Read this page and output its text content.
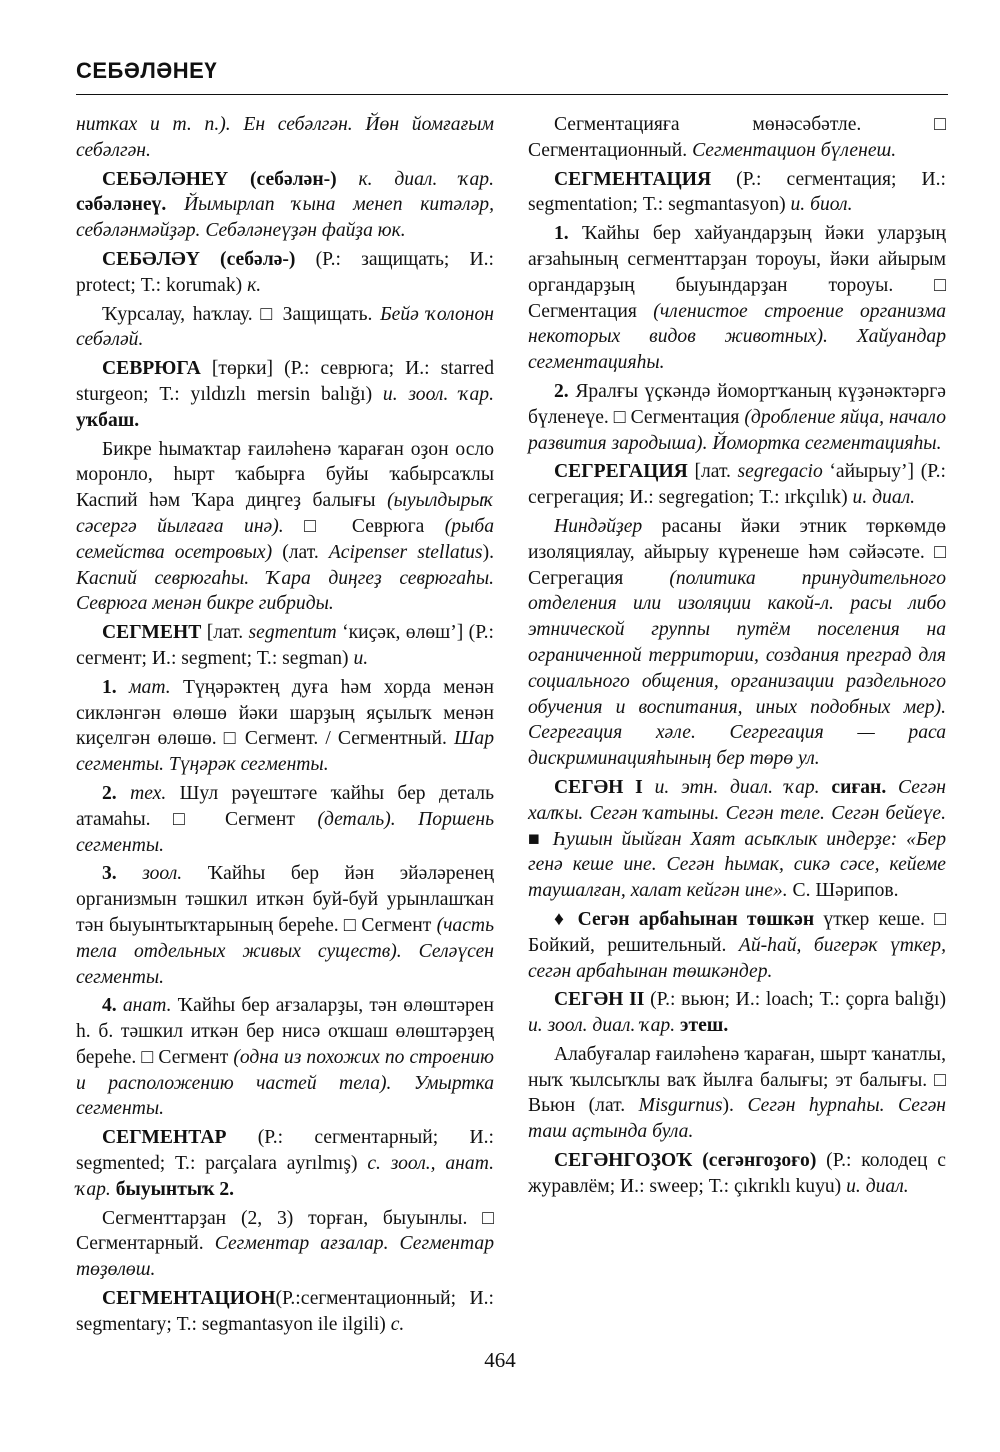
СЕБӘЛӘНЕҮ

ниткax и т. п.). Ен себәлгән. Йөн йомғағым себәлгән.

СЕБӘЛӘНЕҮ (себәлән-) к. диал. ҡар. сәбәләнеү. Йымырлап ҡына менеп китәләр, себәләнмәйҙәр. Себәләнеүҙән файҙа юк.

СЕБӘЛӘҮ (себәлә-) (Р.: защищать; И.: protect; Т.: korumak) к.

Ҡурсалау, һаҡлау. □ Защищать. Бейә ҡолонон себәләй.

СЕВРЮГА [төрки] (Р.: севрюга; И.: starred sturgeon; Т.: yıldızlı mersin balığı) и. зоол. ҡар. уҡбаш.

Бикре һымаҡтар ғаиләһенә ҡараған оҙон осло моронло, һырт ҡабырға буйы ҡабырсаҡлы Каспий һәм Ҡара диңгеҙ балығы (ыуылдырыҡ сәсергә йылғаға инә). □ Севрюга (рыба семейства осетровых) (лат. Acipenser stellatus). Каспий севрюгаһы. Ҡара диңгеҙ севрюгаһы. Севрюга менән бикре гибриды.

СЕГМЕНТ [лат. segmentum ‘киҫәк, өлөш’] (Р.: сегмент; И.: segment; Т.: segman) и.

1. мат. Түңәрәктең дуға һәм хорда менән сикләнгән өлөшө йәки шарҙың яҫылыҡ менән киҫелгән өлөшө. □ Сегмент. / Сегментный. Шар сегменты. Түңәрәк сегменты.

2. тех. Шул рәүештәге ҡайһы бер деталь атамаһы. □ Сегмент (деталь). Поршень сегменты.

3. зоол. Ҡайһы бер йән эйәләренең организмын тәшкил иткән буй-буй урынлашҡан тән быуынтыҡтарының береһе. □ Сегмент (часть тела отдельных живых существ). Селәүсен сегменты.

4. анат. Ҡайһы бер ағзаларҙы, тән өлөштәрен һ. б. тәшкил иткән бер нисә оҡшаш өлөштәрҙең береһе. □ Сегмент (одна из похожих по строению и расположению частей тела). Умыртка сегменты.

СЕГМЕНТАР (Р.: сегментарный; И.: segmented; Т.: parçalara ayrılmış) с. зоол., анат. ҡар. быуынтыҡ 2.

Сегменттарҙан (2, 3) торған, быуынлы. □ Сегментарный. Сегментар ағзалар. Сегментар төҙөлөш.

СЕГМЕНТАЦИОН(Р.:сегментационный; И.: segmentary; Т.: segmantasyon ile ilgili) с.

Сегментацияға мөнәсәбәтле. □ Сегментационный. Сегментацион бүленеш.

СЕГМЕНТАЦИЯ (Р.: сегментация; И.: segmentation; Т.: segmantasyon) и. биол.

1. Ҡайһы бер хайуандарҙың йәки уларҙың ағзаһының сегменттарҙан тороуы, йәки айырым органдарҙың быуындарҙан тороуы. □ Сегментация (членистое строение организма некоторых видов животных). Хайуандар сегментацияһы.

2. Яралғы үҫкәндә йомортҡаның күҙәнәктәргә бүленеүе. □ Сегментация (дробление яйца, начало развития зародыша). Йомортка сегментацияһы.

СЕГРЕГАЦИЯ [лат. segregacio ‘айырыу’] (Р.: сегрегация; И.: segregation; Т.: ırkçılık) и. диал.

Ниндәйҙер расаны йәки этник төркөмдө изоляциялау, айырыу күренеше һәм сәйәсәте. □ Сегрегация (политика принудительного отделения или изоляции какой-л. расы либо этнической группы путём поселения на ограниченной территории, создания преград для социального общения, организации раздельного обучения и воспитания, иных подобных мер). Сегрегация хәле. Сегрегация — раса дискриминацияһының бер төрө ул.

СЕГӘН I и. этн. диал. ҡар. сиған. Сегән халҡы. Сегән ҡатыны. Сегән теле. Сегән бейеүе. ■ Һушын йыйған Хаят асыҡлык индерҙе: «Бер генә кеше ине. Сегән һымак, сикә сәсе, кейеме таушалған, халат кейгән ине». С. Шәрипов.

♦ Сегән арбаһынан төшкән үткер кеше. □ Бойкий, решительный. Ай-һай, бигерәк үткер, сегән арбаһынан төшкәндер.

СЕГӘН II (Р.: вьюн; И.: loach; Т.: çopra balığı) и. зоол. диал. ҡар. этеш.

Алабуғалар ғаиләһенә ҡараған, шырт ҡанатлы, ныҡ ҡылсыҡлы ваҡ йылға балығы; эт балығы. □ Вьюн (лат. Misgurnus). Сегән һурпаһы. Сегән таш аҫтында була.

СЕГӘНГОҘОҠ (сегәнгоҙоғо) (Р.: колодец с журавлём; И.: sweep; Т.: çıkrıklı kuyu) и. диал.

464
